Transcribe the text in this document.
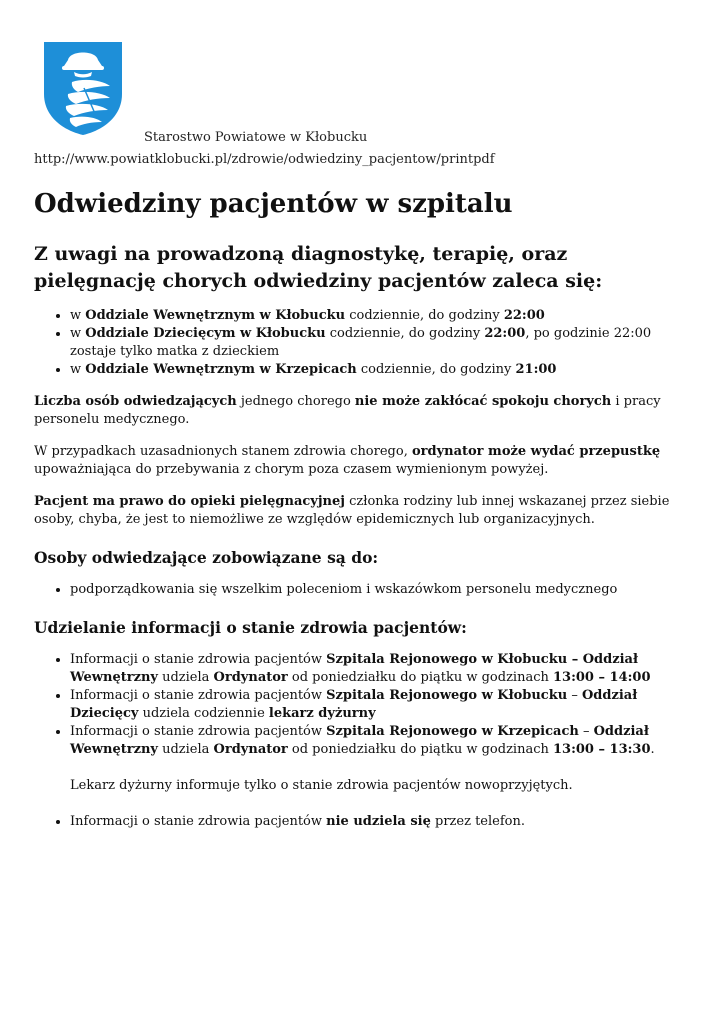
Starostwo Powiatowe w Kłobucku
http://www.powiatklobucki.pl/zdrowie/odwiedziny_pacjentow/printpdf
Odwiedziny pacjentów w szpitalu
Z uwagi na prowadzoną diagnostykę, terapię, oraz pielęgnację chorych odwiedziny pacjentów zaleca się:
• w Oddziale Wewnętrznym w Kłobucku codziennie, do godziny 22:00
• w Oddziale Dziecięcym w Kłobucku codziennie, do godziny 22:00, po godzinie 22:00 zostaje tylko matka z dzieckiem
• w Oddziale Wewnętrznym w Krzepicach codziennie, do godziny 21:00

Liczba osób odwiedzających jednego chorego nie może zakłócać spokoju chorych i pracy personelu medycznego.

W przypadkach uzasadnionych stanem zdrowia chorego, ordynator może wydać przepustkę upoważniająca do przebywania z chorym poza czasem wymienionym powyżej.

Pacjent ma prawo do opieki pielęgnacyjnej członka rodziny lub innej wskazanej przez siebie osoby, chyba, że jest to niemożliwe ze względów epidemicznych lub organizacyjnych.

Osoby odwiedzające zobowiązane są do:
• podporządkowania się wszelkim poleceniom i wskazówkom personelu medycznego
Udzielanie informacji o stanie zdrowia pacjentów:
• Informacji o stanie zdrowia pacjentów Szpitala Rejonowego w Kłobucku – Oddział Wewnętrzny udziela Ordynator od poniedziałku do piątku w godzinach 13:00 – 14:00
• Informacji o stanie zdrowia pacjentów Szpitala Rejonowego w Kłobucku – Oddział Dziecięcy udziela codziennie lekarz dyżurny
• Informacji o stanie zdrowia pacjentów Szpitala Rejonowego w Krzepicach – Oddział Wewnętrzny udziela Ordynator od poniedziałku do piątku w godzinach 13:00 – 13:30.
Lekarz dyżurny informuje tylko o stanie zdrowia pacjentów nowoprzyjętych.
• Informacji o stanie zdrowia pacjentów nie udziela się przez telefon.
